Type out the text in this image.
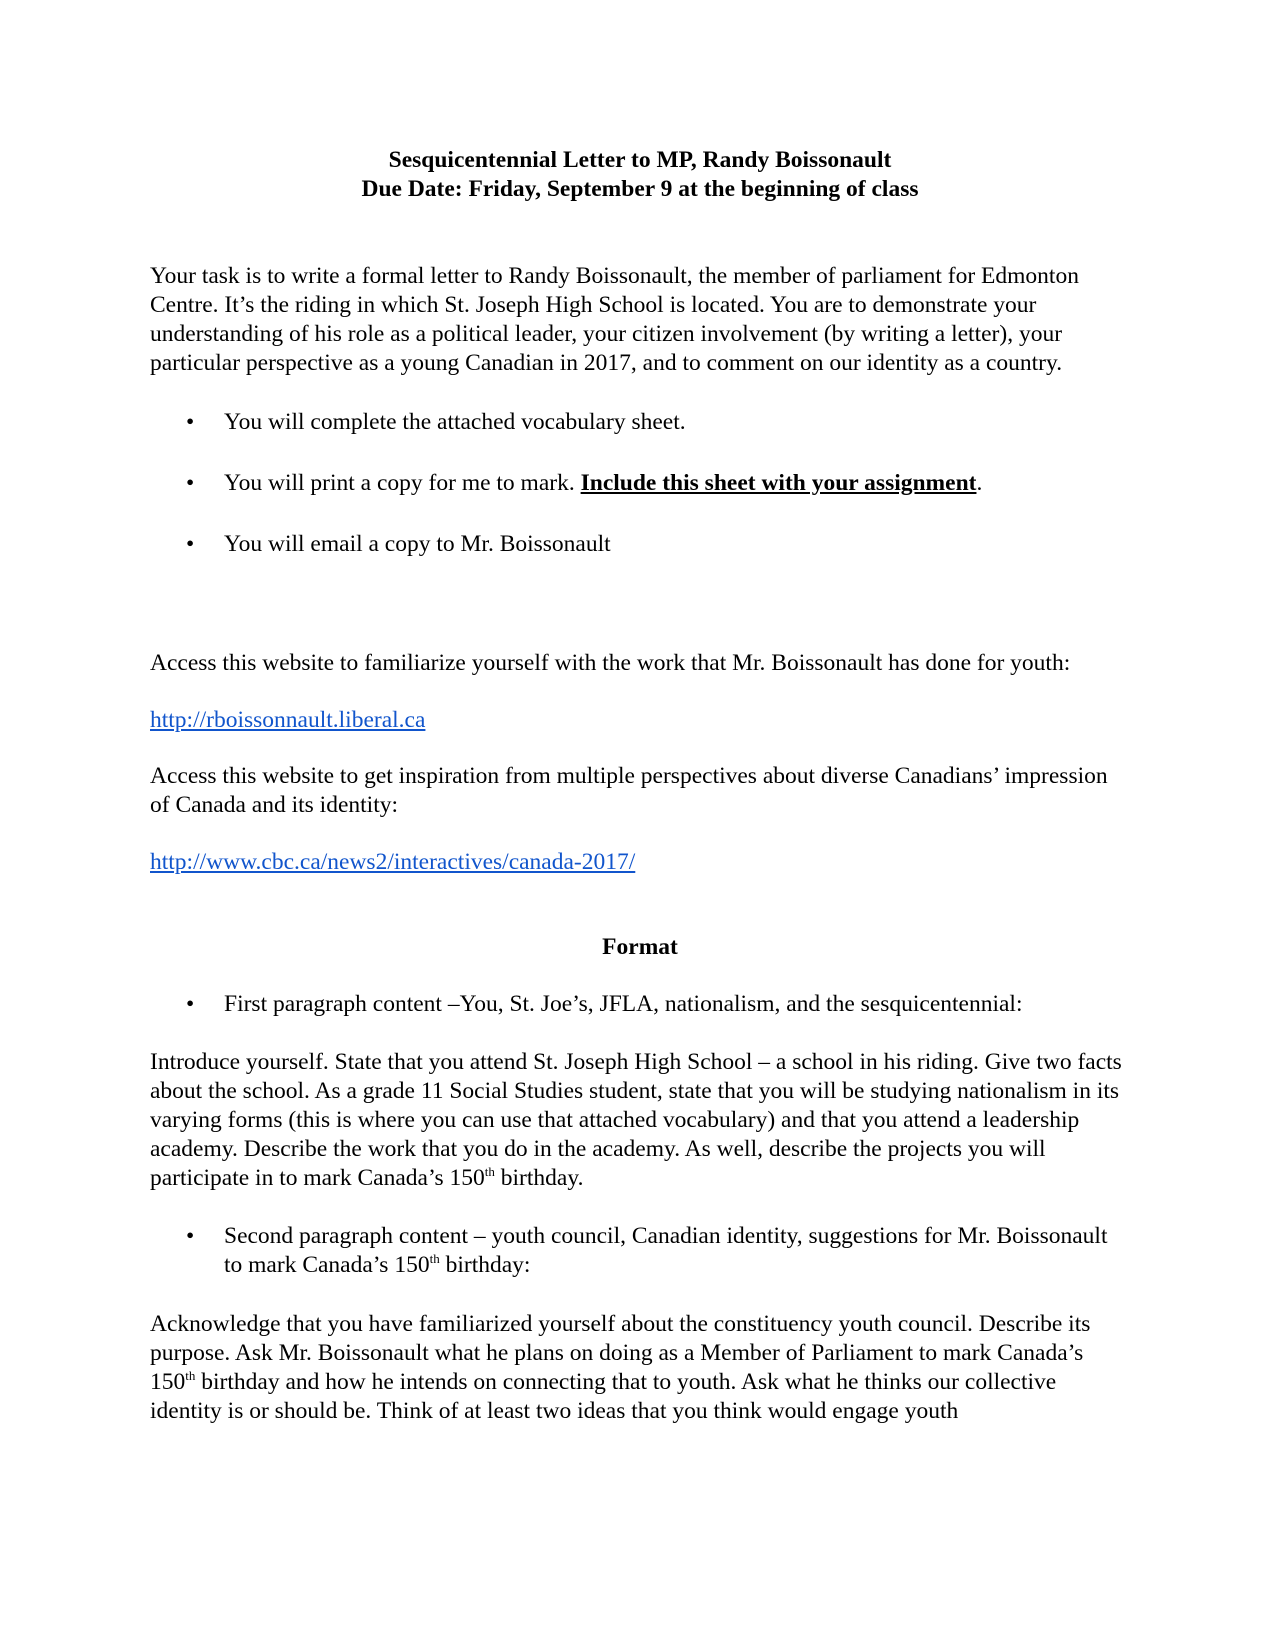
Sesquicentennial Letter to MP, Randy Boissonault

Due Date: Friday, September 9 at the beginning of class

Your task is to write a formal letter to Randy Boissonault, the member of parliament for Edmonton Centre. It’s the riding in which St. Joseph High School is located. You are to demonstrate your understanding of his role as a political leader, your citizen involvement (by writing a letter), your particular perspective as a young Canadian in 2017, and to comment on our identity as a country.

• You will complete the attached vocabulary sheet.
• You will print a copy for me to mark. Include this sheet with your assignment.
• You will email a copy to Mr. Boissonault

Access this website to familiarize yourself with the work that Mr. Boissonault has done for youth:

http://rboissonnault.liberal.ca

Access this website to get inspiration from multiple perspectives about diverse Canadians’ impression of Canada and its identity:

http://www.cbc.ca/news2/interactives/canada-2017/

Format

• First paragraph content –You, St. Joe’s, JFLA, nationalism, and the sesquicentennial:

Introduce yourself. State that you attend St. Joseph High School – a school in his riding. Give two facts about the school. As a grade 11 Social Studies student, state that you will be studying nationalism in its varying forms (this is where you can use that attached vocabulary) and that you attend a leadership academy. Describe the work that you do in the academy. As well, describe the projects you will participate in to mark Canada’s 150th birthday.

• Second paragraph content – youth council, Canadian identity, suggestions for Mr. Boissonault to mark Canada’s 150th birthday:

Acknowledge that you have familiarized yourself about the constituency youth council. Describe its purpose. Ask Mr. Boissonault what he plans on doing as a Member of Parliament to mark Canada’s 150th birthday and how he intends on connecting that to youth. Ask what he thinks our collective identity is or should be. Think of at least two ideas that you think would engage youth
